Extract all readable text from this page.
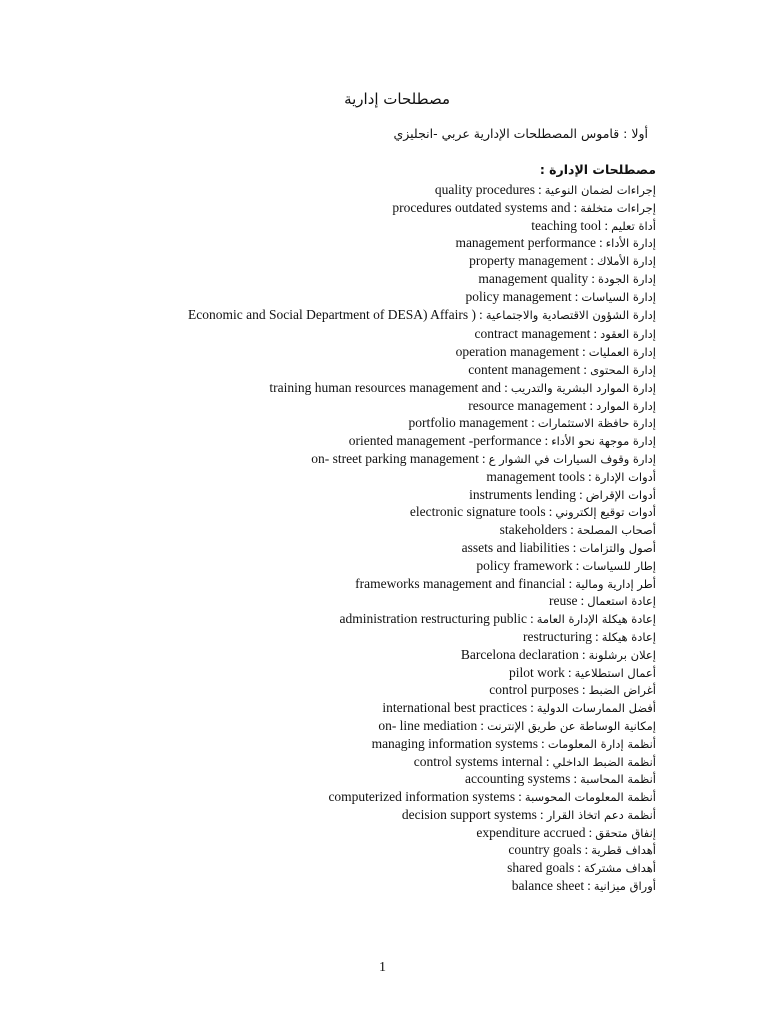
مصطلحات إدارية
أولا : قاموس المصطلحات الإدارية عربي -انجليزي
مصطلحات الإدارة :
إجراءات لضمان النوعية:quality procedures
إجراءات متخلفة:procedures outdated systems and
أداة تعليم:teaching tool
إدارة الأداء:management performance
إدارة الأملاك:property management
إدارة الجودة:management quality
إدارة السياسات:policy management
إدارة الشؤون الاقتصادية والاجتماعية:Economic and Social Department of DESA) Affairs )
إدارة العقود:contract management
إدارة العمليات:operation management
إدارة المحتوى:content management
إدارة الموارد البشرية والتدريب:training human resources management and
إدارة الموارد:resource management
إدارة حافظة الاستثمارات:portfolio management
إدارة موجهة نحو الأداء:oriented management -performance
إدارة وقوف السيارات في الشوار ع:on- street parking management
أدوات الإدارة:management tools
أدوات الإقراض:instruments lending
أدوات توقيع إلكتروني:electronic signature tools
أصحاب المصلحة:stakeholders
أصول والتزامات:assets and liabilities
إطار للسياسات:policy framework
أطر إدارية ومالية:frameworks management and financial
إعادة استعمال:reuse
إعادة هيكلة الإدارة العامة:administration restructuring public
إعادة هيكلة:restructuring
إعلان برشلونة:Barcelona declaration
أعمال استطلاعية:pilot work
أغراض الضبط:control purposes
أفضل الممارسات الدولية:international best practices
إمكانية الوساطة عن طريق الإنترنت:on- line mediation
أنظمة إدارة المعلومات:managing information systems
أنظمة الضبط الداخلي:control systems internal
أنظمة المحاسبة:accounting systems
أنظمة المعلومات المحوسبة:computerized information systems
أنظمة دعم اتخاذ القرار:decision support systems
إنفاق متحقق:expenditure accrued
أهداف قطرية:country goals
أهداف مشتركة:shared goals
أوراق ميزانية:balance sheet
1
